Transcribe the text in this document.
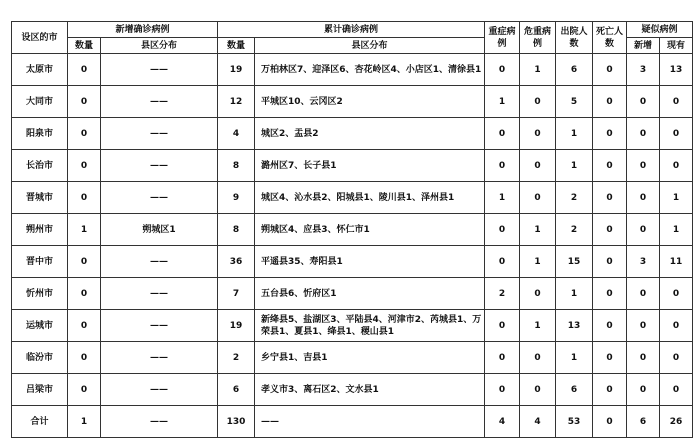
设区的市	新增确诊病例		累计确诊病例		重症病例	危重病例	出院人数	死亡人数	疑似病例	
	数量	县区分布	数量	县区分布					新增	现有
太原市	0	——	19	万柏林区7、迎泽区6、杏花岭区4、小店区1、清徐县1	0	1	6	0	3	13
大同市	0	——	12	平城区10、云冈区2	1	0	5	0	0	0
阳泉市	0	——	4	城区2、盂县2	0	0	1	0	0	0
长治市	0	——	8	潞州区7、长子县1	0	0	1	0	0	0
晋城市	0	——	9	城区4、沁水县2、阳城县1、陵川县1、泽州县1	1	0	2	0	0	1
朔州市	1	朔城区1	8	朔城区4、应县3、怀仁市1	0	1	2	0	0	1
晋中市	0	——	36	平遥县35、寿阳县1	0	1	15	0	3	11
忻州市	0	——	7	五台县6、忻府区1	2	0	1	0	0	0
运城市	0	——	19	新绛县5、盐湖区3、平陆县4、河津市2、芮城县1、万荣县1、夏县1、绛县1、稷山县1	0	1	13	0	0	0
临汾市	0	——	2	乡宁县1、吉县1	0	0	1	0	0	0
吕梁市	0	——	6	孝义市3、离石区2、文水县1	0	0	6	0	0	0
合计	1	——	130	——	4	4	53	0	6	26
